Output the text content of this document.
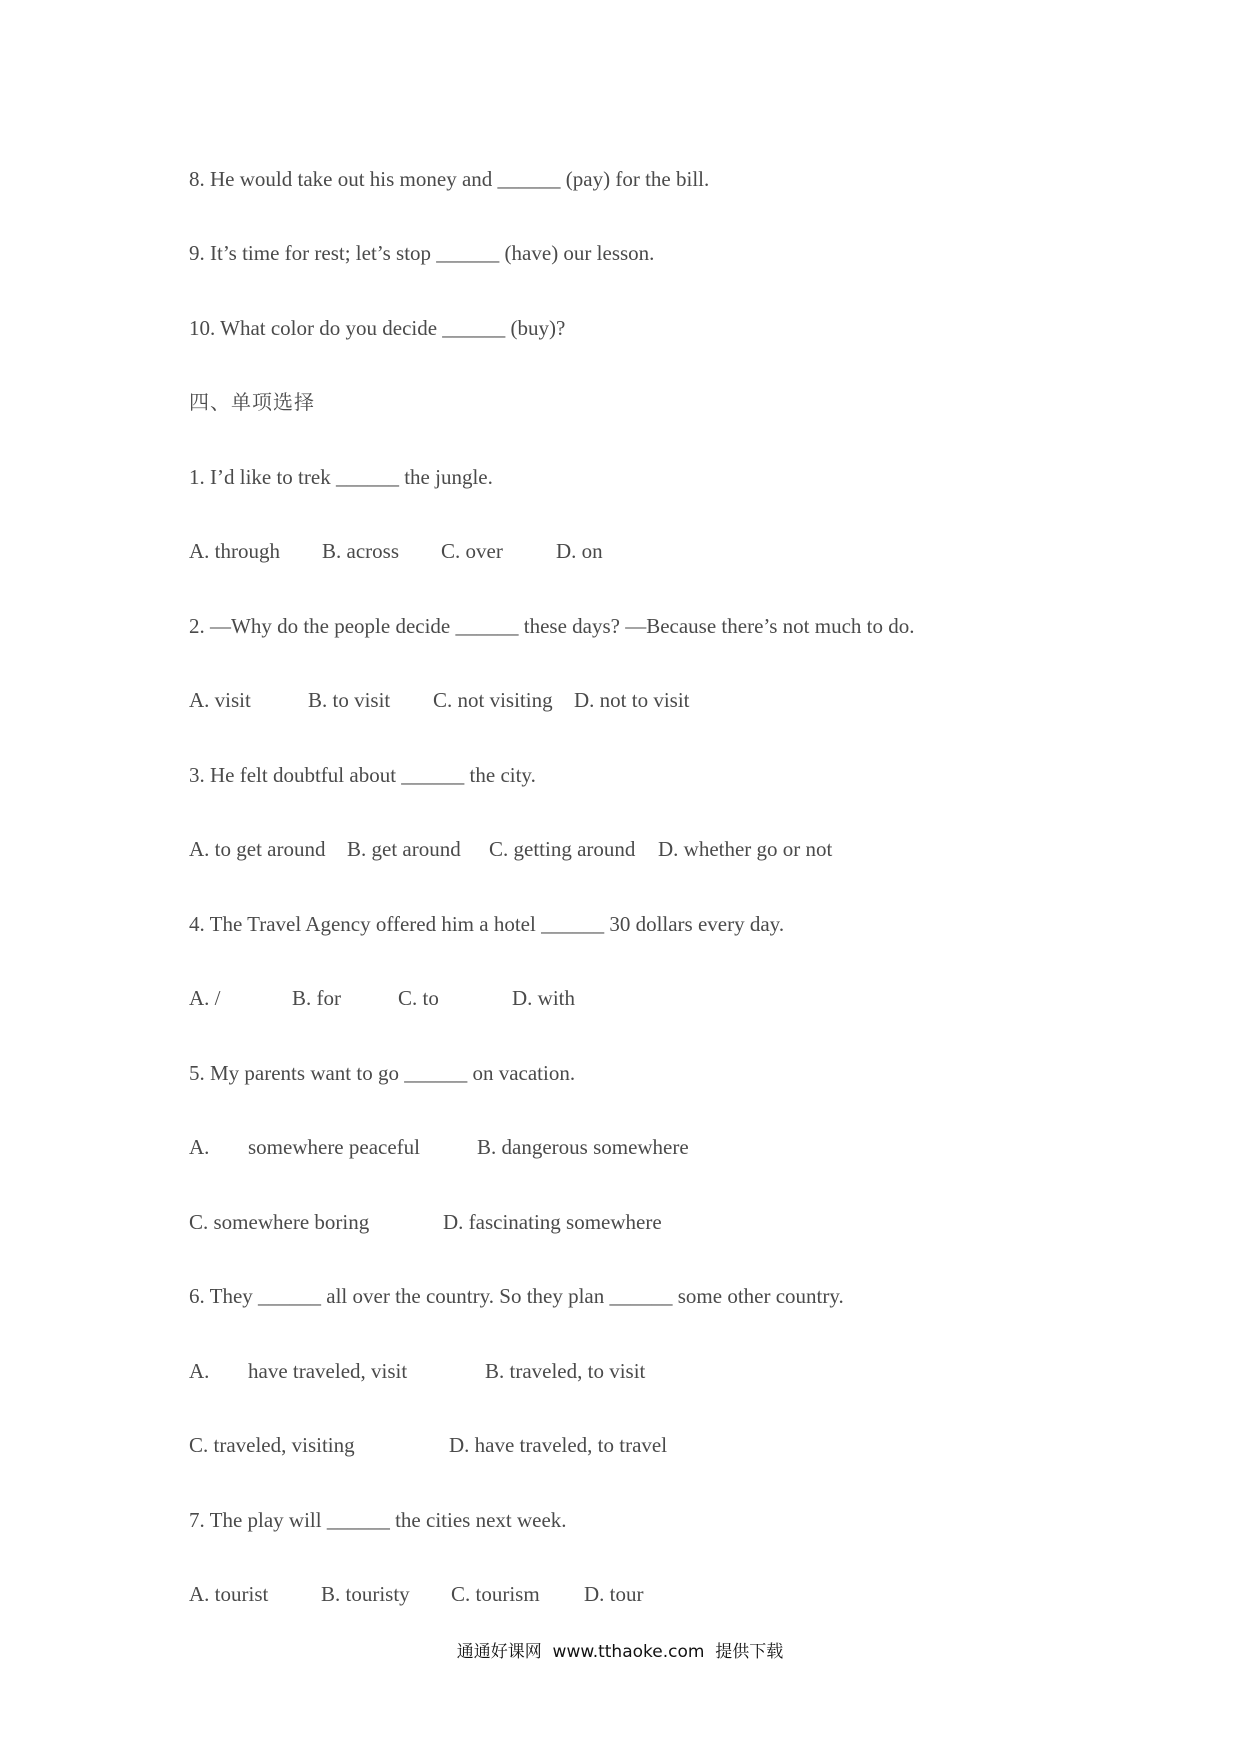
8. He would take out his money and ______ (pay) for the bill.
9. It’s time for rest; let’s stop ______ (have) our lesson.
10. What color do you decide ______ (buy)?
四、单项选择
1. I’d like to trek ______ the jungle.
A. through B. across C. over	D. on
2. —Why do the people decide ______ these days? —Because there’s not much to do.
A. visit	B. to visit C. not visiting D. not to visit
3. He felt doubtful about ______ the city.
A. to get around B. get around C. getting around D. whether go or not
4. The Travel Agency offered him a hotel ______ 30 dollars every day.
A. /	B. for	C. to	D. with
5. My parents want to go ______ on vacation.
A. somewhere peaceful	B. dangerous somewhere
C. somewhere boring	D. fascinating somewhere
6. They ______ all over the country. So they plan ______ some other country.
A. have traveled, visit	B. traveled, to visit
C. traveled, visiting	D. have traveled, to travel
7. The play will ______ the cities next week.
A. tourist	B. touristy C. tourism D. tour
通通好课网  www.tthaoke.com  提供下载
